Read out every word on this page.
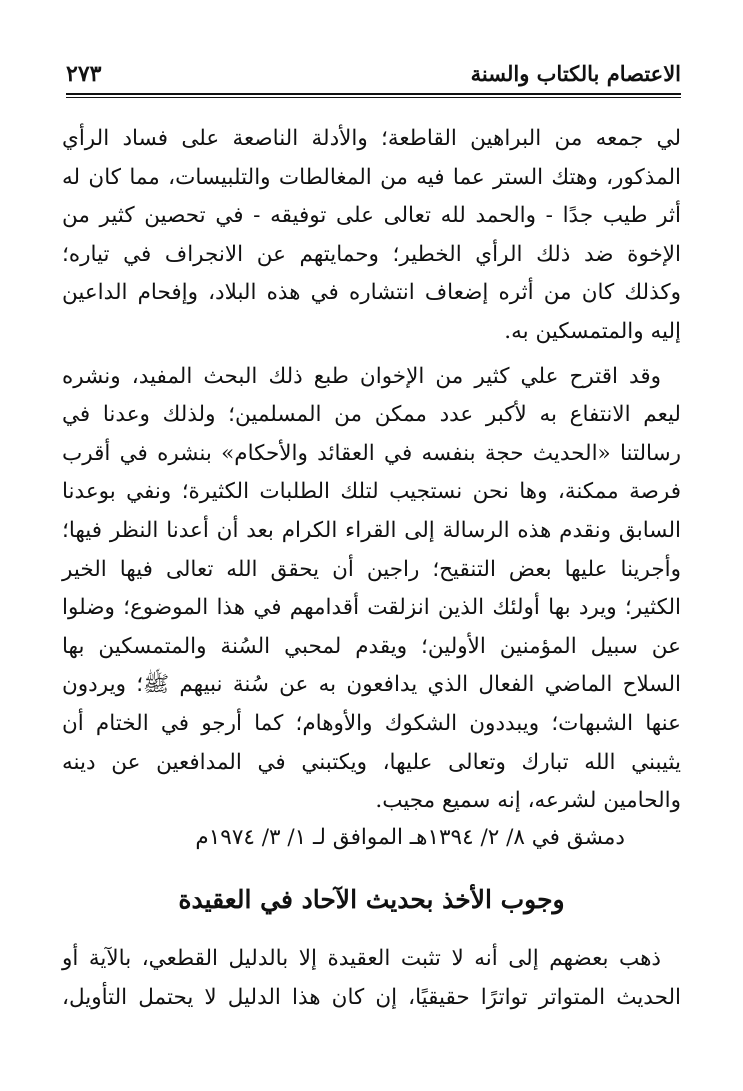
الاعتصام بالكتاب والسنة
٢٧٣

لي جمعه من البراهين القاطعة؛ والأدلة الناصعة على فساد الرأي المذكور، وهتك الستر عما فيه من المغالطات والتلبيسات، مما كان له أثر طيب جدًا - والحمد لله تعالى على توفيقه - في تحصين كثير من الإخوة ضد ذلك الرأي الخطير؛ وحمايتهم عن الانجراف في تياره؛ وكذلك كان من أثره إضعاف انتشاره في هذه البلاد، وإفحام الداعين إليه والمتمسكين به.

وقد اقترح علي كثير من الإخوان طبع ذلك البحث المفيد، ونشره ليعم الانتفاع به لأكبر عدد ممكن من المسلمين؛ ولذلك وعدنا في رسالتنا «الحديث حجة بنفسه في العقائد والأحكام» بنشره في أقرب فرصة ممكنة، وها نحن نستجيب لتلك الطلبات الكثيرة؛ ونفي بوعدنا السابق ونقدم هذه الرسالة إلى القراء الكرام بعد أن أعدنا النظر فيها؛ وأجرينا عليها بعض التنقيح؛ راجين أن يحقق الله تعالى فيها الخير الكثير؛ ويرد بها أولئك الذين انزلقت أقدامهم في هذا الموضوع؛ وضلوا عن سبيل المؤمنين الأولين؛ ويقدم لمحبي السُنة والمتمسكين بها السلاح الماضي الفعال الذي يدافعون به عن سُنة نبيهم ﷺ؛ ويردون عنها الشبهات؛ ويبددون الشكوك والأوهام؛ كما أرجو في الختام أن يثيبني الله تبارك وتعالى عليها، ويكتبني في المدافعين عن دينه والحامين لشرعه، إنه سميع مجيب.

دمشق في ٨/ ٢/ ١٣٩٤هـ الموافق لـ ١/ ٣/ ١٩٧٤م
وجوب الأخذ بحديث الآحاد في العقيدة

ذهب بعضهم إلى أنه لا تثبت العقيدة إلا بالدليل القطعي، بالآية أو الحديث المتواتر تواترًا حقيقيًا، إن كان هذا الدليل لا يحتمل التأويل،
